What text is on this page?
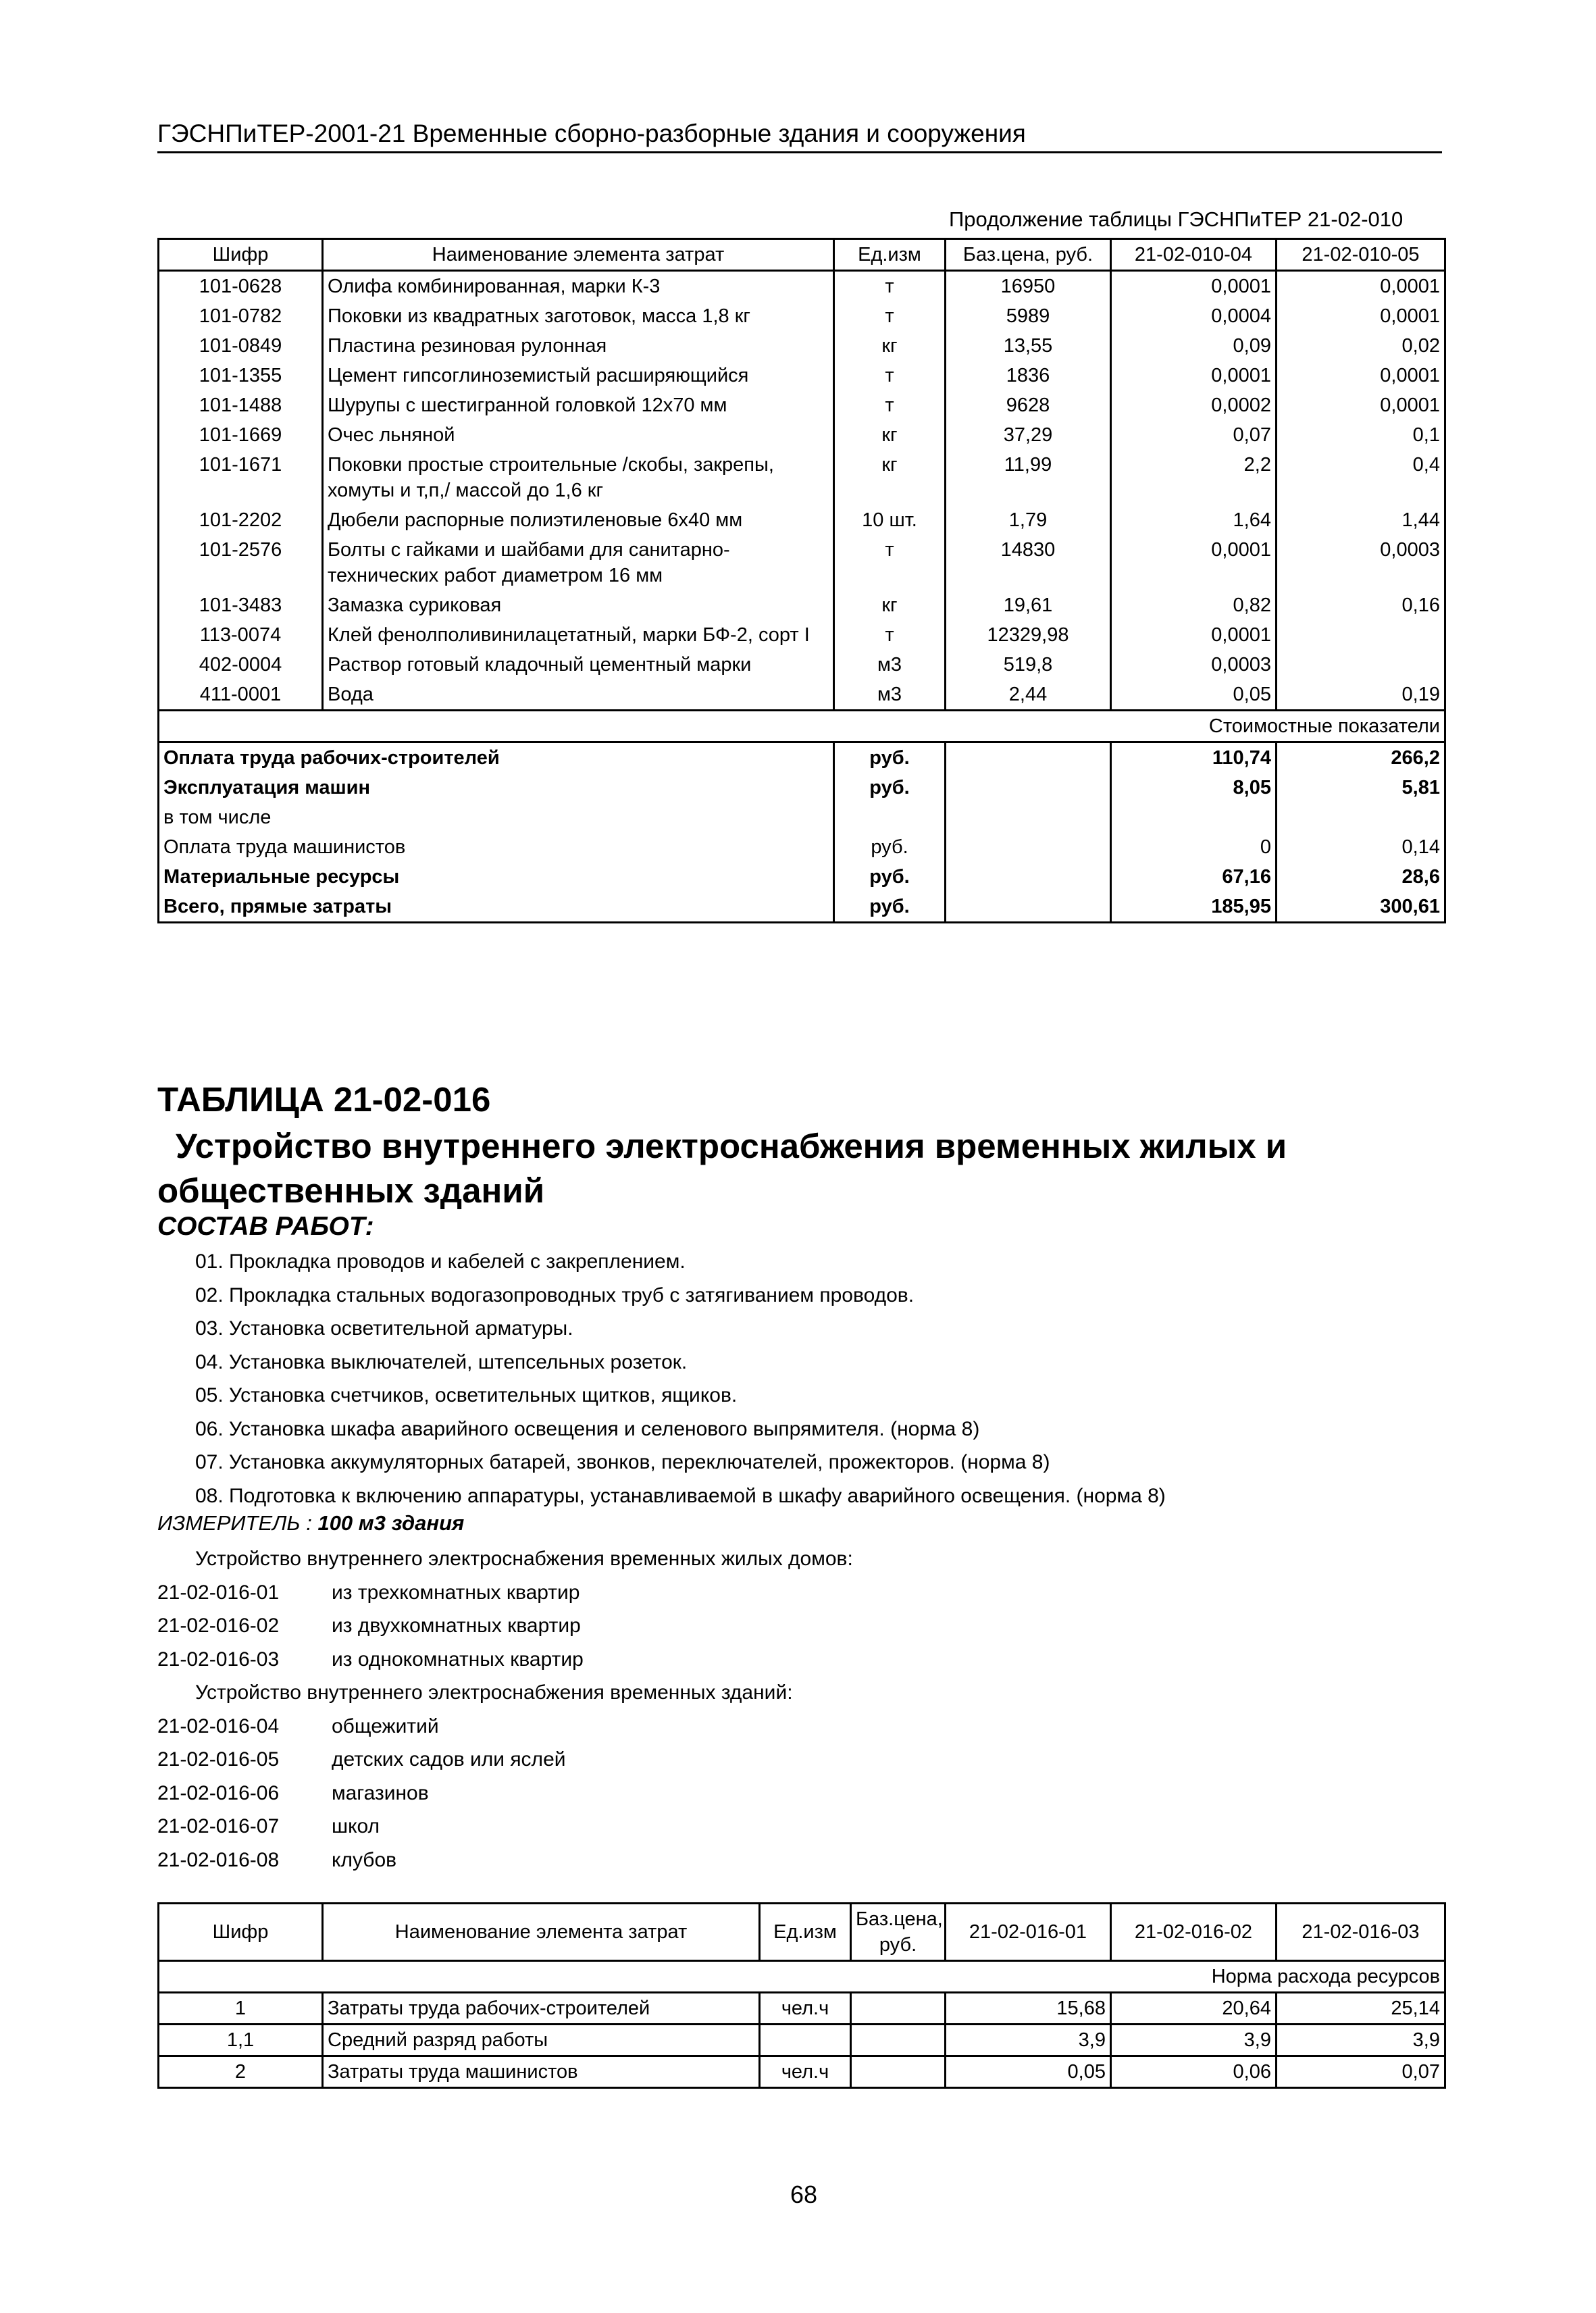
ГЭСНПиТЕР-2001-21 Временные сборно-разборные здания и сооружения
Продолжение таблицы ГЭСНПиТЕР 21-02-010
Шифр	Наименование элемента затрат	Ед.изм	Баз.цена, руб.	21-02-010-04	21-02-010-05
101-0628	Олифа комбинированная, марки К-3	т	16950	0,0001	0,0001
101-0782	Поковки из квадратных заготовок, масса 1,8 кг	т	5989	0,0004	0,0001
101-0849	Пластина резиновая рулонная	кг	13,55	0,09	0,02
101-1355	Цемент гипсоглиноземистый расширяющийся	т	1836	0,0001	0,0001
101-1488	Шурупы с шестигранной головкой 12х70 мм	т	9628	0,0002	0,0001
101-1669	Очес льняной	кг	37,29	0,07	0,1
101-1671	Поковки простые строительные /скобы, закрепы, хомуты и т,п,/ массой до 1,6 кг	кг	11,99	2,2	0,4
101-2202	Дюбели распорные полиэтиленовые 6х40 мм	10 шт.	1,79	1,64	1,44
101-2576	Болты с гайками и шайбами для санитарно-технических работ диаметром 16 мм	т	14830	0,0001	0,0003
101-3483	Замазка суриковая	кг	19,61	0,82	0,16
113-0074	Клей фенолполивинилацетатный, марки БФ-2, сорт I	т	12329,98	0,0001	
402-0004	Раствор готовый кладочный цементный марки	м3	519,8	0,0003	
411-0001	Вода	м3	2,44	0,05	0,19
Стоимостные показатели					
Оплата труда рабочих-строителей		руб.		110,74	266,2
Эксплуатация машин		руб.		8,05	5,81
в том числе					
Оплата труда машинистов		руб.		0	0,14
Материальные ресурсы		руб.		67,16	28,6
Всего, прямые затраты		руб.		185,95	300,61
ТАБЛИЦА 21-02-016
Устройство внутреннего электроснабжения временных жилых и
общественных зданий
СОСТАВ РАБОТ:
01. Прокладка проводов и кабелей с закреплением.
02. Прокладка стальных водогазопроводных труб с затягиванием проводов.
03. Установка осветительной арматуры.
04. Установка выключателей, штепсельных розеток.
05. Установка счетчиков, осветительных щитков, ящиков.
06. Установка шкафа аварийного освещения и селенового выпрямителя. (норма 8)
07. Установка аккумуляторных батарей, звонков, переключателей, прожекторов. (норма 8)
08. Подготовка к включению аппаратуры, устанавливаемой в шкафу аварийного освещения. (норма 8)
ИЗМЕРИТЕЛЬ : 100 м3 здания
Устройство внутреннего электроснабжения временных жилых домов:
21-02-016-01	из трехкомнатных квартир
21-02-016-02	из двухкомнатных квартир
21-02-016-03	из однокомнатных квартир
Устройство внутреннего электроснабжения временных зданий:
21-02-016-04	общежитий
21-02-016-05	детских садов или яслей
21-02-016-06	магазинов
21-02-016-07	школ
21-02-016-08	клубов
Шифр	Наименование элемента затрат	Ед.изм	Баз.цена, руб.	21-02-016-01	21-02-016-02	21-02-016-03
Норма расхода ресурсов						
1	Затраты труда рабочих-строителей	чел.ч		15,68	20,64	25,14
1,1	Средний разряд работы			3,9	3,9	3,9
2	Затраты труда машинистов	чел.ч		0,05	0,06	0,07
68
